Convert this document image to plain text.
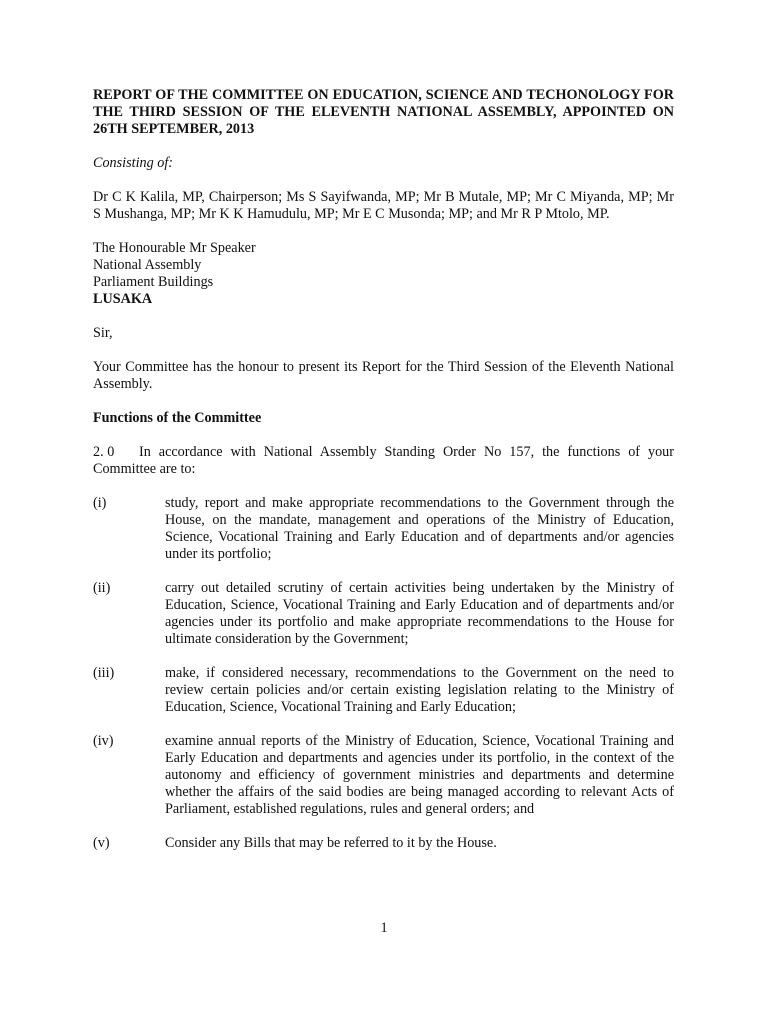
REPORT OF THE COMMITTEE ON EDUCATION, SCIENCE AND TECHONOLOGY FOR THE THIRD SESSION OF THE ELEVENTH NATIONAL ASSEMBLY, APPOINTED ON 26TH SEPTEMBER, 2013

Consisting of:

Dr C K Kalila, MP, Chairperson; Ms S Sayifwanda, MP; Mr B Mutale, MP; Mr C Miyanda, MP; Mr S Mushanga, MP; Mr K K Hamudulu, MP; Mr E C Musonda; MP; and Mr R P Mtolo, MP.

The Honourable Mr Speaker

National Assembly

Parliament Buildings

LUSAKA

Sir,

Your Committee has the honour to present its Report for the Third Session of the Eleventh National Assembly.

Functions of the Committee

2. 0 In accordance with National Assembly Standing Order No 157, the functions of your Committee are to:

(i)	study, report and make appropriate recommendations to the Government through the House, on the mandate, management and operations of the Ministry of Education, Science, Vocational Training and Early Education and of departments and/or agencies under its portfolio;
(ii)	carry out detailed scrutiny of certain activities being undertaken by the Ministry of Education, Science, Vocational Training and Early Education and of departments and/or agencies under its portfolio and make appropriate recommendations to the House for ultimate consideration by the Government;
(iii)	make, if considered necessary, recommendations to the Government on the need to review certain policies and/or certain existing legislation relating to the Ministry of Education, Science, Vocational Training and Early Education;
(iv)	examine annual reports of the Ministry of Education, Science, Vocational Training and Early Education and departments and agencies under its portfolio, in the context of the autonomy and efficiency of government ministries and departments and determine whether the affairs of the said bodies are being managed according to relevant Acts of Parliament, established regulations, rules and general orders; and
(v)	Consider any Bills that may be referred to it by the House.
1
